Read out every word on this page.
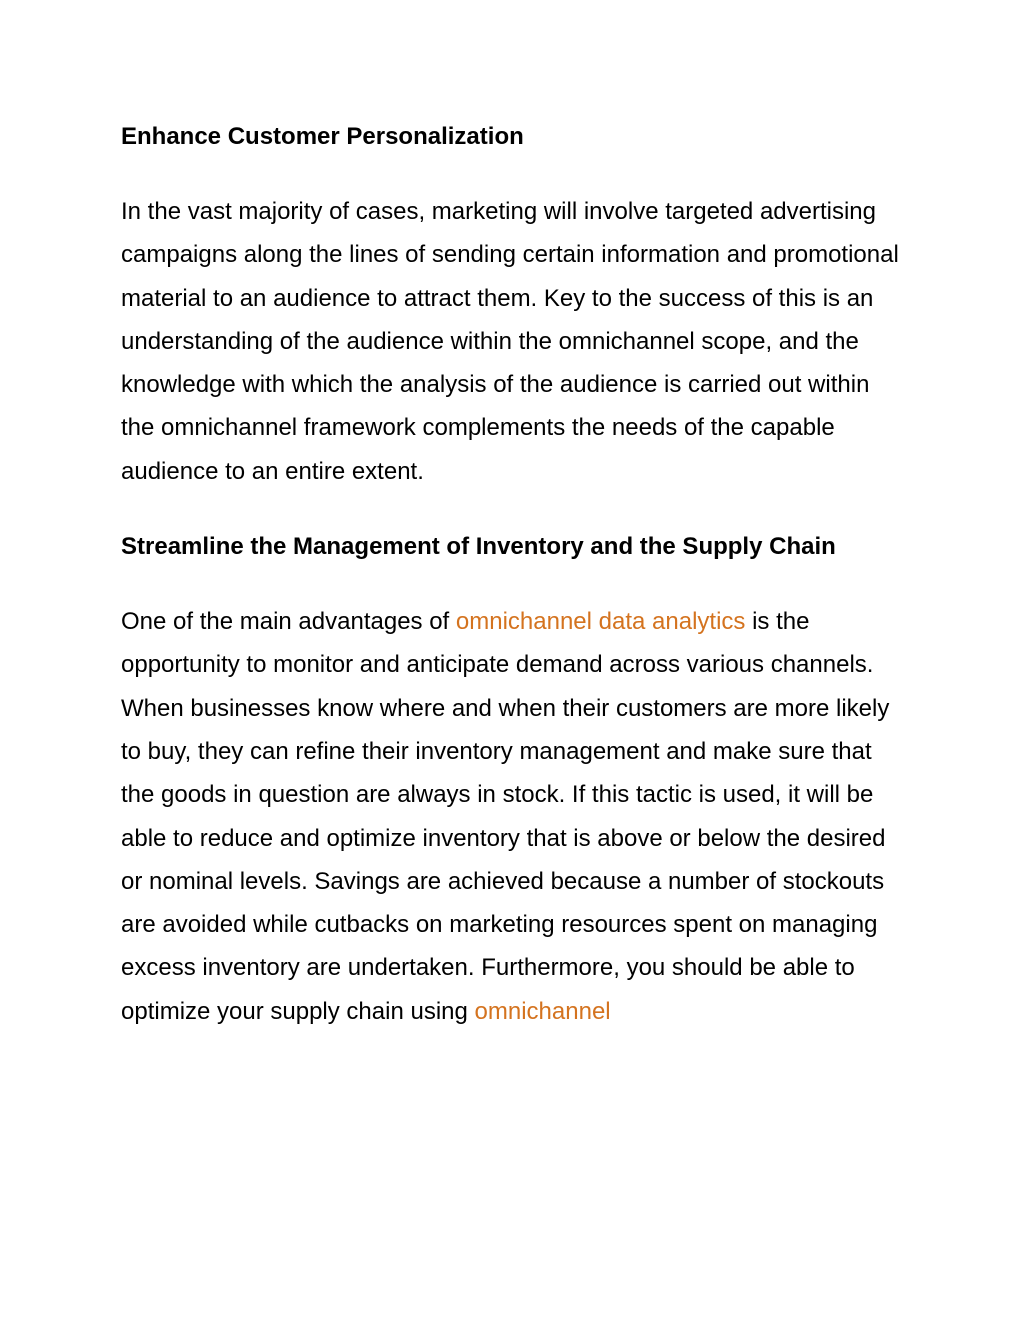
Enhance Customer Personalization

In the vast majority of cases, marketing will involve targeted advertising campaigns along the lines of sending certain information and promotional material to an audience to attract them. Key to the success of this is an understanding of the audience within the omnichannel scope, and the knowledge with which the analysis of the audience is carried out within the omnichannel framework complements the needs of the capable audience to an entire extent.

Streamline the Management of Inventory and the Supply Chain

One of the main advantages of omnichannel data analytics is the opportunity to monitor and anticipate demand across various channels. When businesses know where and when their customers are more likely to buy, they can refine their inventory management and make sure that the goods in question are always in stock. If this tactic is used, it will be able to reduce and optimize inventory that is above or below the desired or nominal levels. Savings are achieved because a number of stockouts are avoided while cutbacks on marketing resources spent on managing excess inventory are undertaken. Furthermore, you should be able to optimize your supply chain using omnichannel
